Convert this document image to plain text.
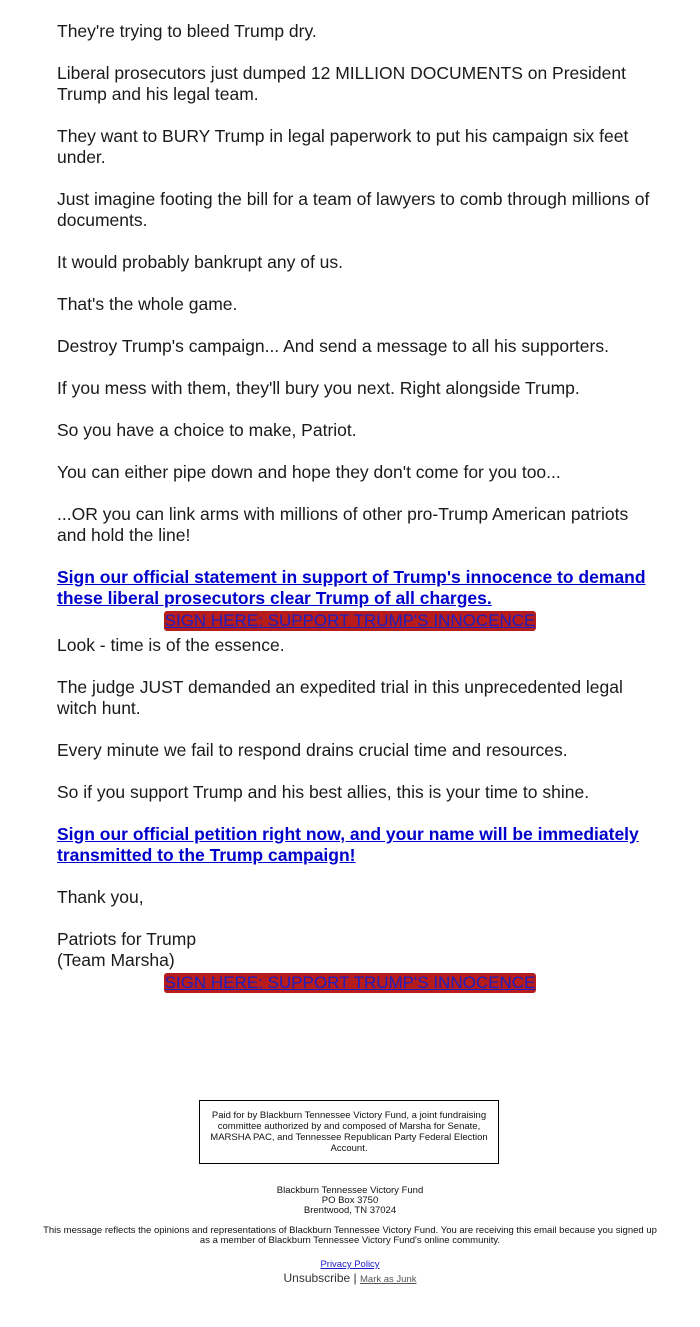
They're trying to bleed Trump dry.

Liberal prosecutors just dumped 12 MILLION DOCUMENTS on President Trump and his legal team.

They want to BURY Trump in legal paperwork to put his campaign six feet under.

Just imagine footing the bill for a team of lawyers to comb through millions of documents.

It would probably bankrupt any of us.

That's the whole game.

Destroy Trump's campaign... And send a message to all his supporters.

If you mess with them, they'll bury you next. Right alongside Trump.

So you have a choice to make, Patriot.

You can either pipe down and hope they don't come for you too...

...OR you can link arms with millions of other pro-Trump American patriots and hold the line!

Sign our official statement in support of Trump's innocence to demand these liberal prosecutors clear Trump of all charges.
SIGN HERE: SUPPORT TRUMP'S INNOCENCE

Look - time is of the essence.

The judge JUST demanded an expedited trial in this unprecedented legal witch hunt.

Every minute we fail to respond drains crucial time and resources.

So if you support Trump and his best allies, this is your time to shine.

Sign our official petition right now, and your name will be immediately transmitted to the Trump campaign!

Thank you,

Patriots for Trump

(Team Marsha)

SIGN HERE: SUPPORT TRUMP'S INNOCENCE
Paid for by Blackburn Tennessee Victory Fund, a joint fundraising committee authorized by and composed of Marsha for Senate, MARSHA PAC, and Tennessee Republican Party Federal Election Account.
Blackburn Tennessee Victory Fund
PO Box 3750
Brentwood, TN 37024
This message reflects the opinions and representations of Blackburn Tennessee Victory Fund. You are receiving this email because you signed up as a member of Blackburn Tennessee Victory Fund's online community.
Privacy Policy
Unsubscribe | Mark as Junk
